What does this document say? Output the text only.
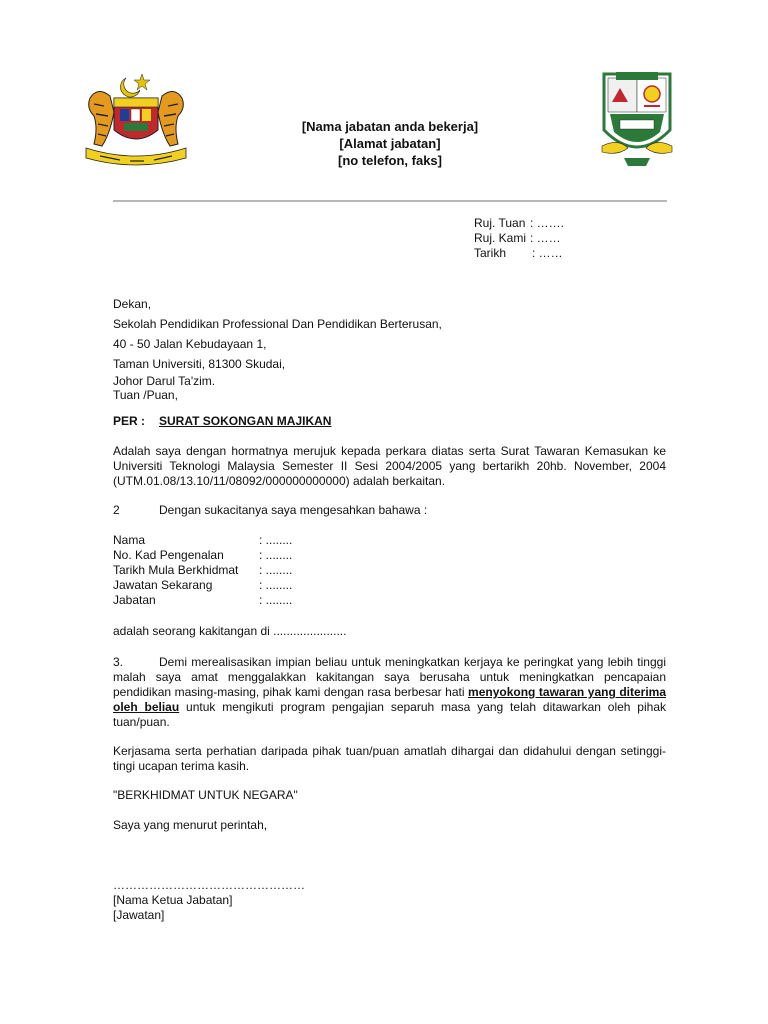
[Nama jabatan anda bekerja]
[Alamat jabatan]
[no telefon, faks]
Ruj. Tuan : …….
Ruj. Kami : ……
Tarikh	: ……
Dekan,
Sekolah Pendidikan Professional Dan Pendidikan Berterusan,
40 - 50 Jalan Kebudayaan 1,
Taman Universiti, 81300 Skudai,
Johor Darul Ta'zim.
Tuan /Puan,
PER : SURAT SOKONGAN MAJIKAN
Adalah saya dengan hormatnya merujuk kepada perkara diatas serta Surat Tawaran Kemasukan ke Universiti Teknologi Malaysia Semester II Sesi 2004/2005 yang bertarikh 20hb. November, 2004 (UTM.01.08/13.10/11/08092/000000000000) adalah berkaitan.
2	Dengan sukacitanya saya mengesahkan bahawa :
Nama	: ........
No. Kad Pengenalan	: ........
Tarikh Mula Berkhidmat	: ........
Jawatan Sekarang	: ........
Jabatan	: ........
adalah seorang kakitangan di ......................
3.	Demi merealisasikan impian beliau untuk meningkatkan kerjaya ke peringkat yang lebih tinggi malah saya amat menggalakkan kakitangan saya berusaha untuk meningkatkan pencapaian pendidikan masing-masing, pihak kami dengan rasa berbesar hati menyokong tawaran yang diterima oleh beliau untuk mengikuti program pengajian separuh masa yang telah ditawarkan oleh pihak tuan/puan.
Kerjasama serta perhatian daripada pihak tuan/puan amatlah dihargai dan didahului dengan setinggi-tingi ucapan terima kasih.
"BERKHIDMAT UNTUK NEGARA"
Saya yang menurut perintah,
…………………………………………
[Nama Ketua Jabatan]
[Jawatan]
